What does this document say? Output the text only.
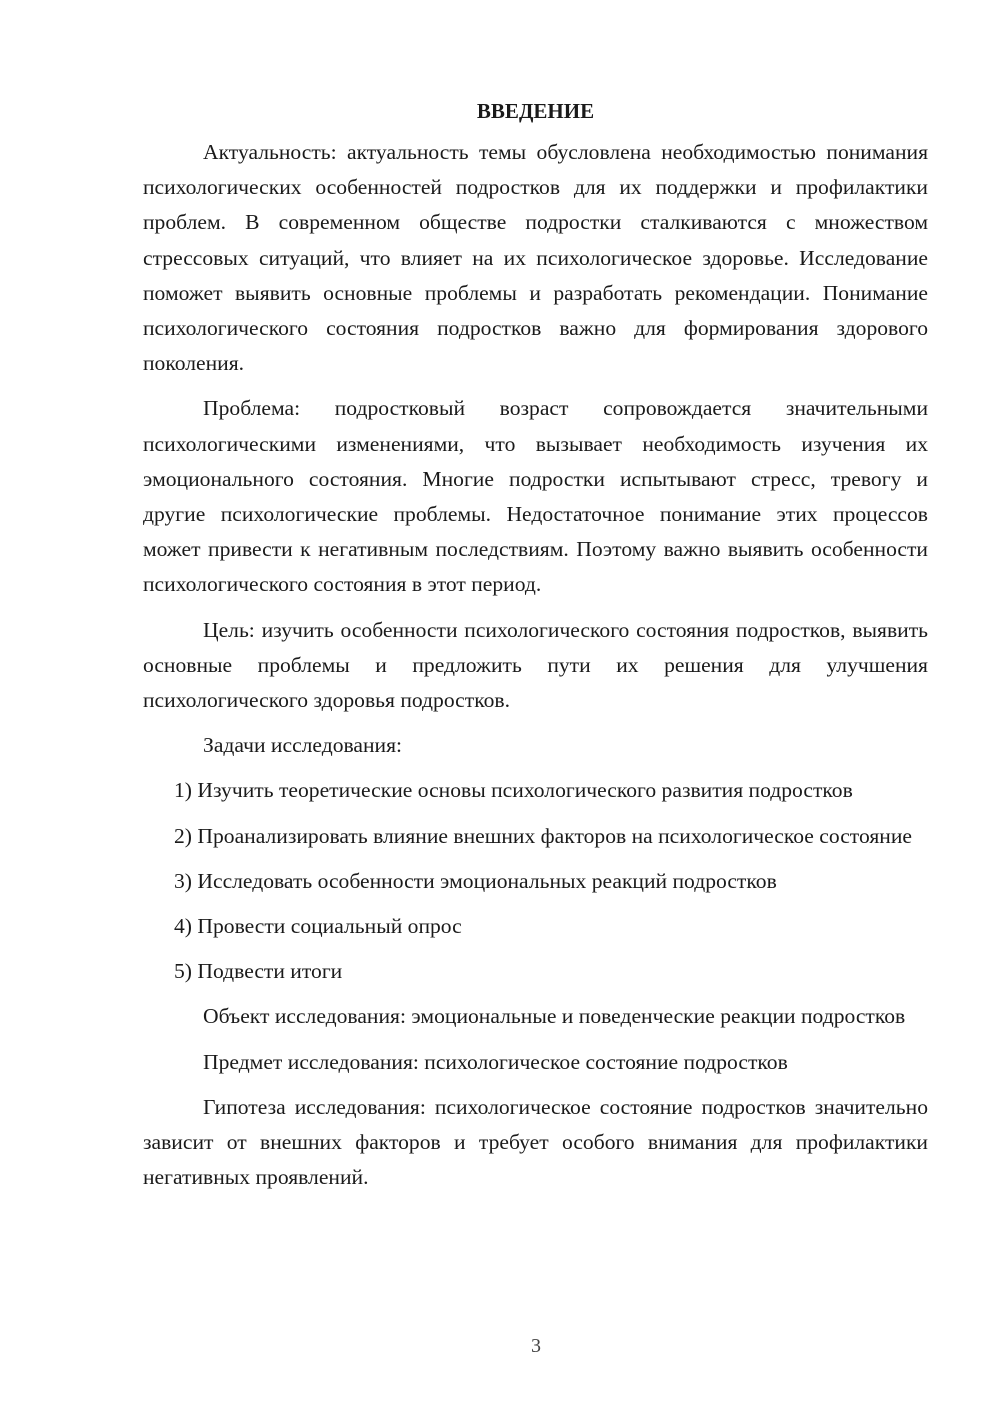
ВВЕДЕНИЕ

Актуальность: актуальность темы обусловлена необходимостью понимания психологических особенностей подростков для их поддержки и профилактики проблем. В современном обществе подростки сталкиваются с множеством стрессовых ситуаций, что влияет на их психологическое здоровье. Исследование поможет выявить основные проблемы и разработать рекомендации. Понимание психологического состояния подростков важно для формирования здорового поколения.

Проблема: подростковый возраст сопровождается значительными психологическими изменениями, что вызывает необходимость изучения их эмоционального состояния. Многие подростки испытывают стресс, тревогу и другие психологические проблемы. Недостаточное понимание этих процессов может привести к негативным последствиям. Поэтому важно выявить особенности психологического состояния в этот период.

Цель: изучить особенности психологического состояния подростков, выявить основные проблемы и предложить пути их решения для улучшения психологического здоровья подростков.

Задачи исследования:

1) Изучить теоретические основы психологического развития подростков

2) Проанализировать влияние внешних факторов на психологическое состояние

3) Исследовать особенности эмоциональных реакций подростков

4) Провести социальный опрос

5) Подвести итоги

Объект исследования: эмоциональные и поведенческие реакции подростков

Предмет исследования: психологическое состояние подростков

Гипотеза исследования: психологическое состояние подростков значительно зависит от внешних факторов и требует особого внимания для профилактики негативных проявлений.

3
